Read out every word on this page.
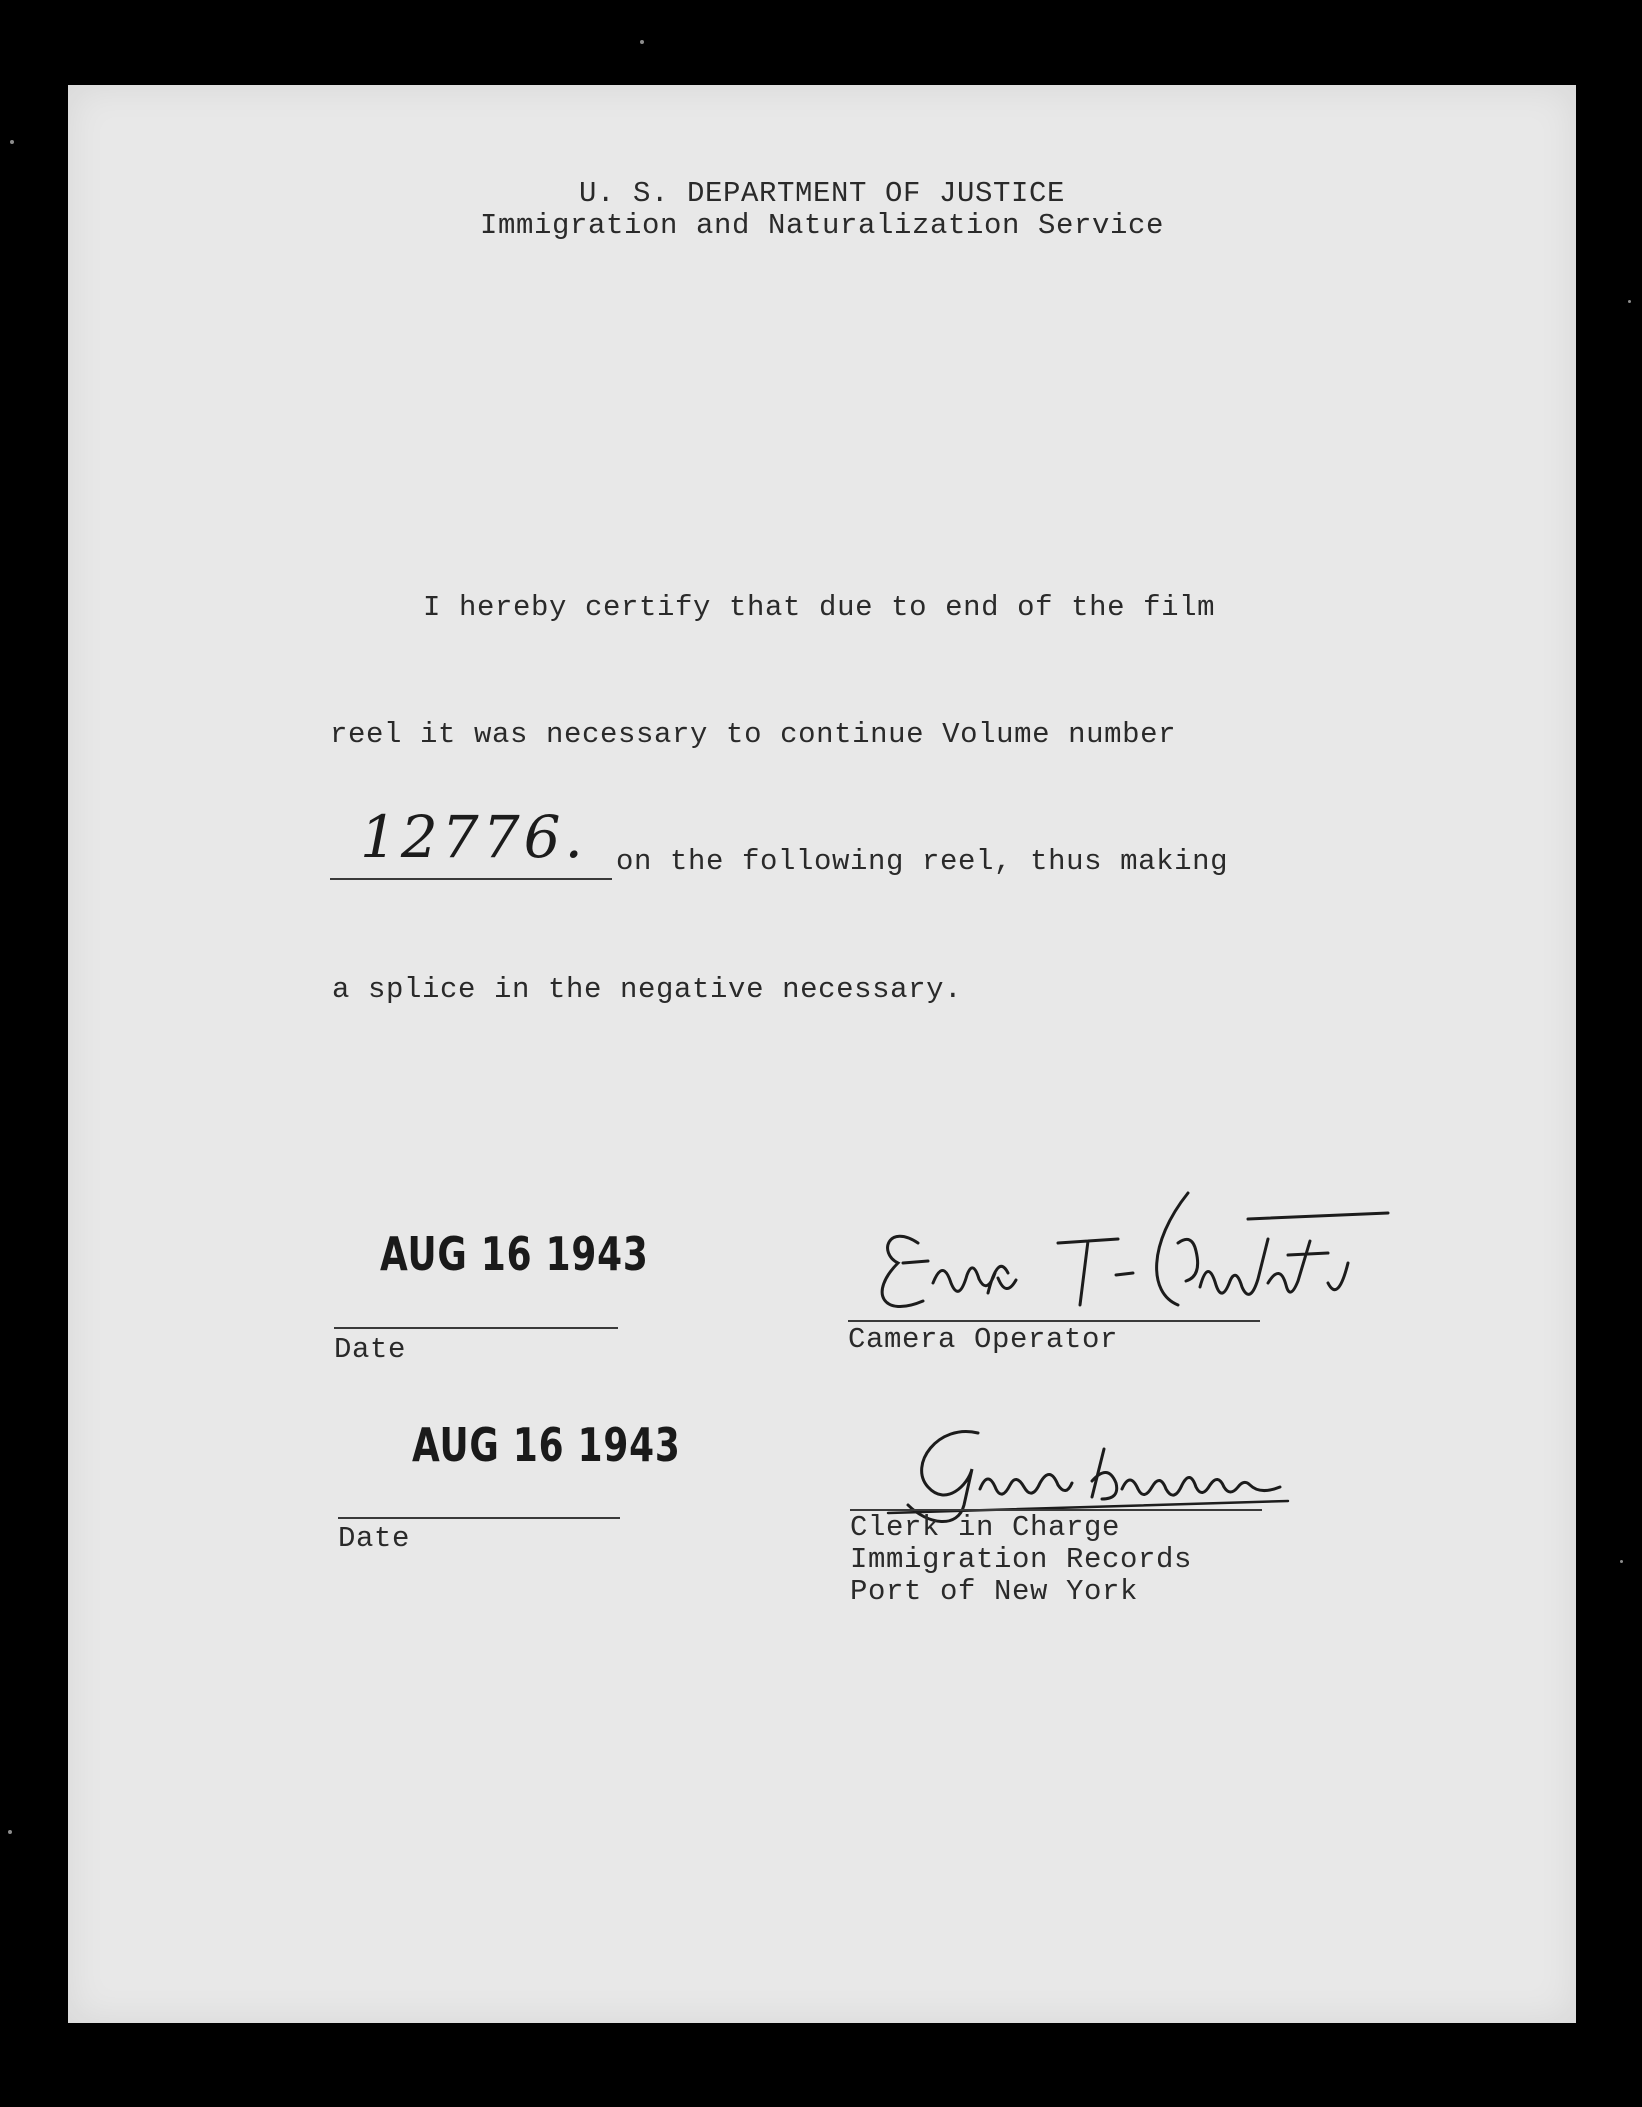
U. S. DEPARTMENT OF JUSTICE
Immigration and Naturalization Service
I hereby certify that due to end of the film
reel it was necessary to continue Volume number
12776. on the following reel, thus making
a splice in the negative necessary.
AUG 16 1943
Date	Camera Operator
AUG 16 1943
Date	Clerk in Charge
Immigration Records
Port of New York
